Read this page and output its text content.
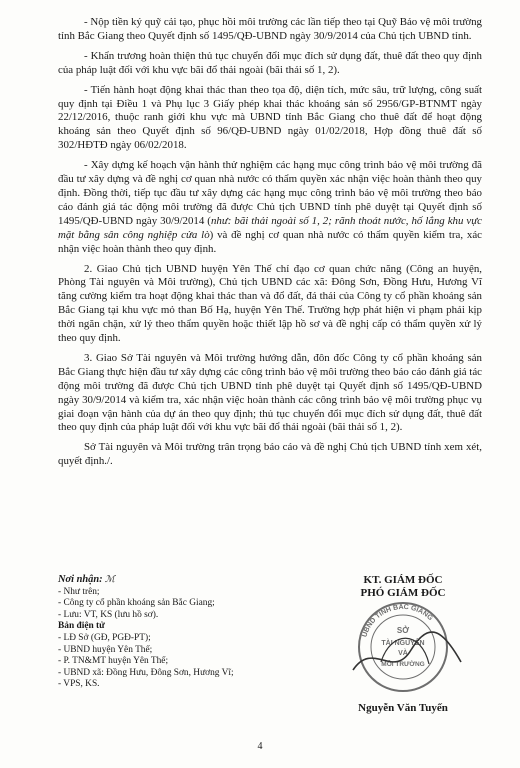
- Nộp tiền ký quỹ cải tạo, phục hồi môi trường các lần tiếp theo tại Quỹ Bảo vệ môi trường tỉnh Bắc Giang theo Quyết định số 1495/QĐ-UBND ngày 30/9/2014 của Chủ tịch UBND tỉnh.

- Khẩn trương hoàn thiện thủ tục chuyển đổi mục đích sử dụng đất, thuê đất theo quy định của pháp luật đối với khu vực bãi đổ thải ngoài (bãi thải số 1, 2).

- Tiến hành hoạt động khai thác than theo tọa độ, diện tích, mức sâu, trữ lượng, công suất quy định tại Điều 1 và Phụ lục 3 Giấy phép khai thác khoáng sản số 2956/GP-BTNMT ngày 22/12/2016, thuộc ranh giới khu vực mà UBND tỉnh Bắc Giang cho thuê đất để hoạt động khoáng sản theo Quyết định số 96/QĐ-UBND ngày 01/02/2018, Hợp đồng thuê đất số 302/HĐTĐ ngày 06/02/2018.

- Xây dựng kế hoạch vận hành thử nghiệm các hạng mục công trình bảo vệ môi trường đã đầu tư xây dựng và đề nghị cơ quan nhà nước có thẩm quyền xác nhận việc hoàn thành theo quy định. Đồng thời, tiếp tục đầu tư xây dựng các hạng mục công trình bảo vệ môi trường theo báo cáo đánh giá tác động môi trường đã được Chủ tịch UBND tỉnh phê duyệt tại Quyết định số 1495/QĐ-UBND ngày 30/9/2014 (như: bãi thải ngoài số 1, 2; rãnh thoát nước, hố lắng khu vực mặt bằng sân công nghiệp cửa lò) và đề nghị cơ quan nhà nước có thẩm quyền kiểm tra, xác nhận việc hoàn thành theo quy định.

2. Giao Chủ tịch UBND huyện Yên Thế chỉ đạo cơ quan chức năng (Công an huyện, Phòng Tài nguyên và Môi trường), Chủ tịch UBND các xã: Đông Sơn, Đồng Hưu, Hương Vĩ tăng cường kiểm tra hoạt động khai thác than và đổ đất, đá thải của Công ty cổ phần khoáng sản Bắc Giang tại khu vực mỏ than Bố Hạ, huyện Yên Thế. Trường hợp phát hiện vi phạm phải kịp thời ngăn chặn, xử lý theo thẩm quyền hoặc thiết lập hồ sơ và đề nghị cấp có thẩm quyền xử lý theo quy định.

3. Giao Sở Tài nguyên và Môi trường hướng dẫn, đôn đốc Công ty cổ phần khoáng sản Bắc Giang thực hiện đầu tư xây dựng các công trình bảo vệ môi trường theo báo cáo đánh giá tác động môi trường đã được Chủ tịch UBND tỉnh phê duyệt tại Quyết định số 1495/QĐ-UBND ngày 30/9/2014 và kiểm tra, xác nhận việc hoàn thành các công trình bảo vệ môi trường phục vụ giai đoạn vận hành của dự án theo quy định; thủ tục chuyển đổi mục đích sử dụng đất, thuê đất theo quy định của pháp luật đối với khu vực bãi đổ thải ngoài (bãi thải số 1, 2).

Sở Tài nguyên và Môi trường trân trọng báo cáo và đề nghị Chủ tịch UBND tỉnh xem xét, quyết định./.

Nơi nhận: ℳ
- Như trên;
- Công ty cổ phần khoáng sản Bắc Giang;
- Lưu: VT, KS (lưu hồ sơ).
Bản điện tử
- LĐ Sở (GĐ, PGĐ-PT);
- UBND huyện Yên Thế;
- P. TN&MT huyện Yên Thế;
- UBND xã: Đồng Hưu, Đông Sơn, Hương Vĩ;
- VPS, KS.
KT. GIÁM ĐỐC
PHÓ GIÁM ĐỐC
UBND TỈNH BẮC GIANG
SỞ
TÀI NGUYÊN
VÀ
MÔI TRƯỜNG
Nguyễn Văn Tuyến
4
